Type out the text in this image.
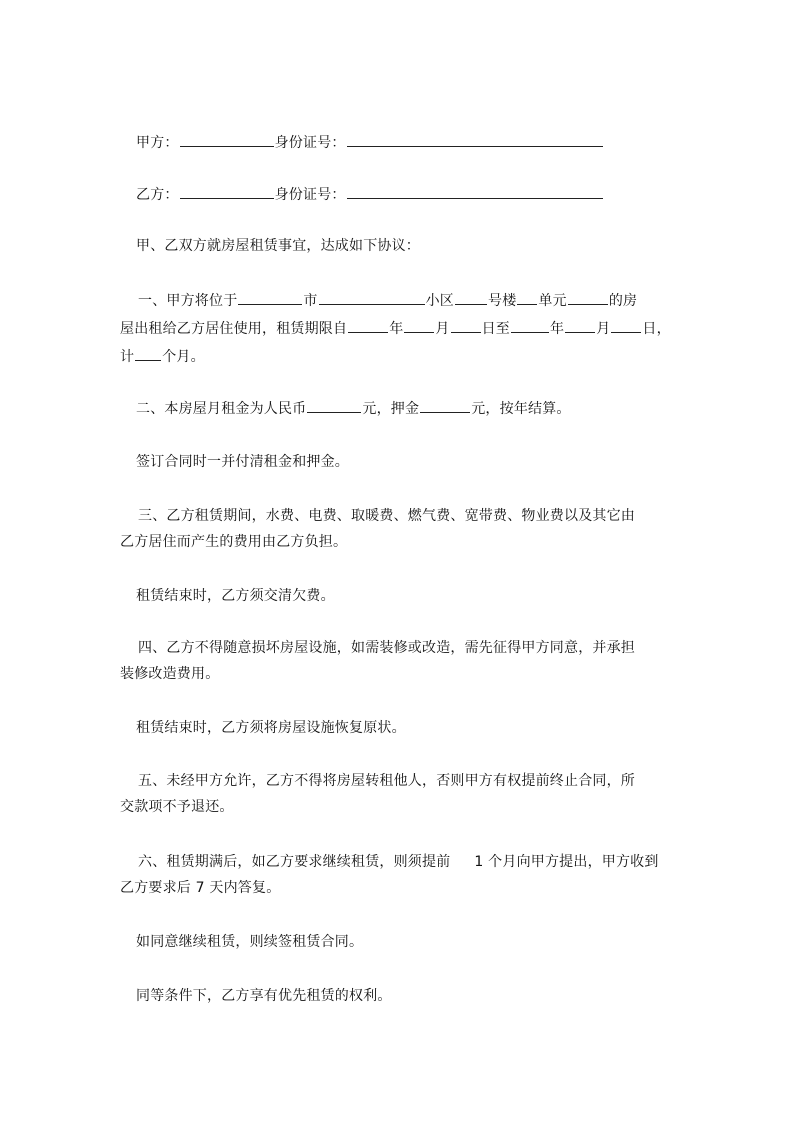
甲方：	身份证号：
乙方：	身份证号：
甲、乙双方就房屋租赁事宜，达成如下协议：
一、甲方将位于	市	小区 号楼 单元	的房
屋出租给乙方居住使用，租赁期限自	年 月 日至	年 月 日，
计 个月。
二、本房屋月租金为人民币	元，押金	元，按年结算。
签订合同时一并付清租金和押金。
三、乙方租赁期间，水费、电费、取暖费、燃气费、宽带费、物业费以及其它由
乙方居住而产生的费用由乙方负担。
租赁结束时，乙方须交清欠费。
四、乙方不得随意损坏房屋设施，如需装修或改造，需先征得甲方同意，并承担
装修改造费用。
租赁结束时，乙方须将房屋设施恢复原状。
五、未经甲方允许，乙方不得将房屋转租他人，否则甲方有权提前终止合同，所
交款项不予退还。
六、租赁期满后，如乙方要求继续租赁，则须提前 1 个月向甲方提出，甲方收到
乙方要求后 7 天内答复。
如同意继续租赁，则续签租赁合同。
同等条件下，乙方享有优先租赁的权利。
